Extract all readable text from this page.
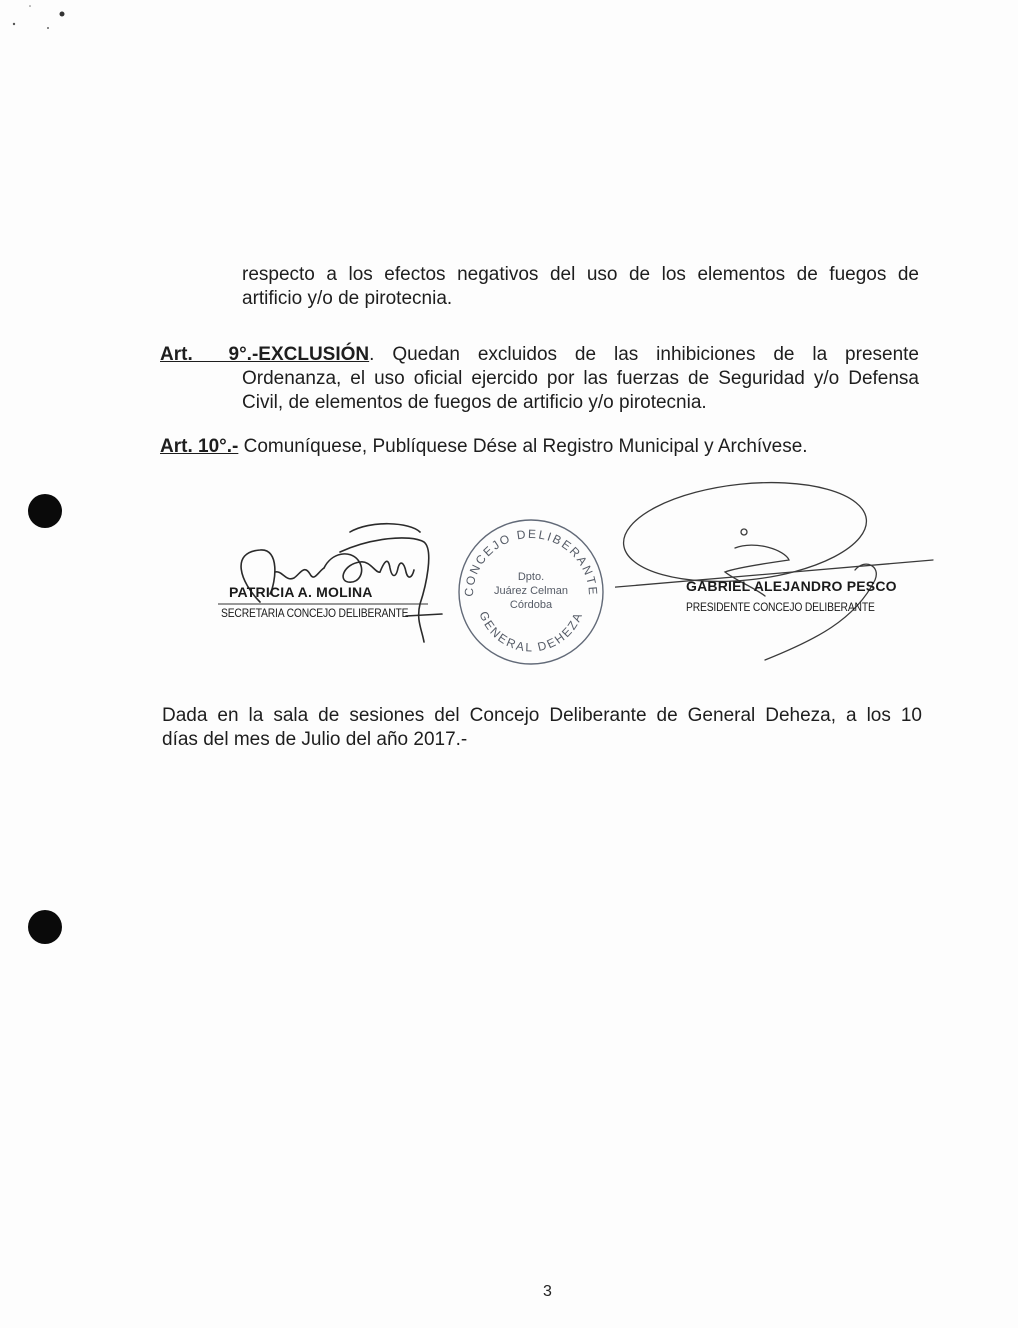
respecto a los efectos negativos del uso de los elementos de fuegos de
artificio y/o de pirotecnia.
Art.  9°.-EXCLUSIÓN. Quedan excluidos de las inhibiciones de la presente
Ordenanza, el uso oficial ejercido por las fuerzas de Seguridad y/o Defensa
Civil, de elementos de fuegos de artificio y/o pirotecnia.
Art. 10°.- Comuníquese, Publíquese Dése al Registro Municipal y Archívese.
PATRICIA A. MOLINA
SECRETARIA CONCEJO DELIBERANTE
CONCEJO DELIBERANTE
GENERAL DEHEZA
Dpto.
Juárez Celman
Córdoba
GABRIEL ALEJANDRO PESCO
PRESIDENTE CONCEJO DELIBERANTE
Dada en la sala de sesiones del Concejo Deliberante de General Deheza, a los 10
días del mes de Julio del año 2017.-
3
